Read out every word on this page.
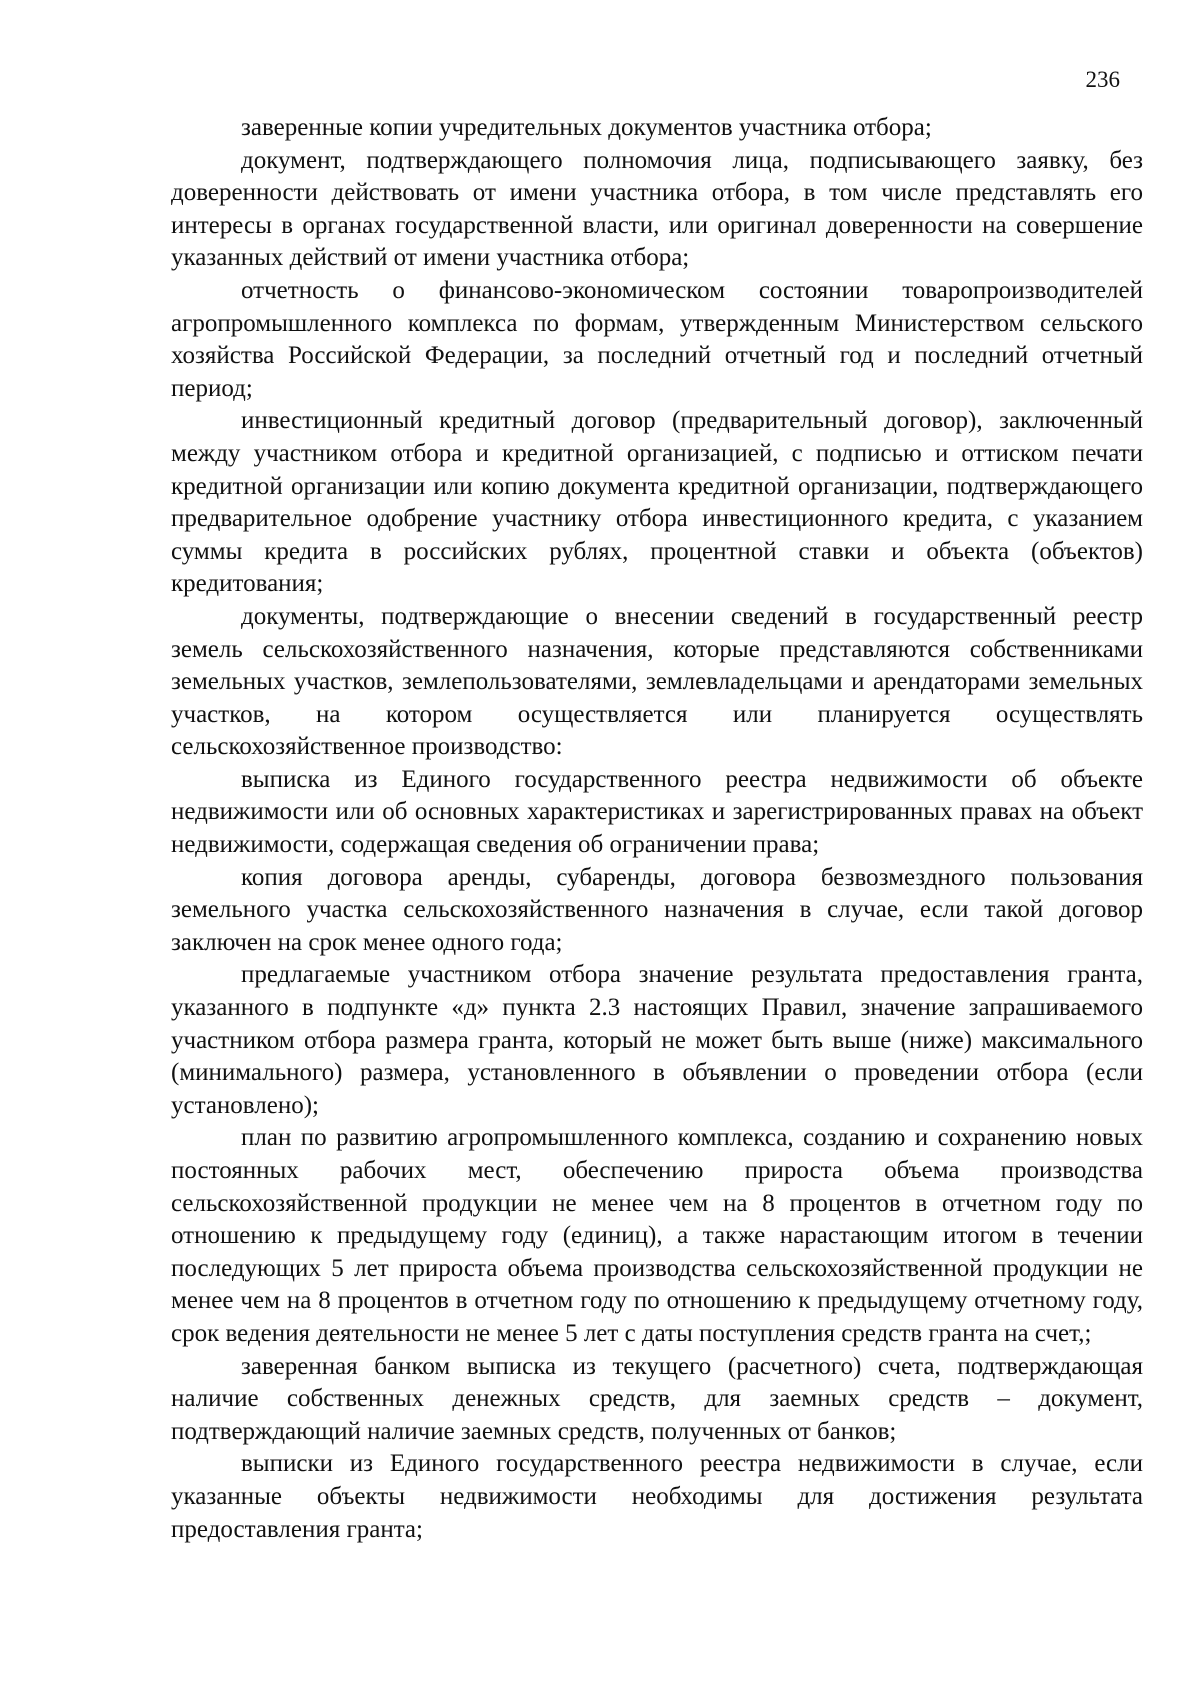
236

заверенные копии учредительных документов участника отбора;

документ, подтверждающего полномочия лица, подписывающего заявку, без доверенности действовать от имени участника отбора, в том числе представлять его интересы в органах государственной власти, или оригинал доверенности на совершение указанных действий от имени участника отбора;

отчетность о финансово-экономическом состоянии товаропроизводителей агропромышленного комплекса по формам, утвержденным Министерством сельского хозяйства Российской Федерации, за последний отчетный год и последний отчетный период;

инвестиционный кредитный договор (предварительный договор), заключенный между участником отбора и кредитной организацией, с подписью и оттиском печати кредитной организации или копию документа кредитной организации, подтверждающего предварительное одобрение участнику отбора инвестиционного кредита, с указанием суммы кредита в российских рублях, процентной ставки и объекта (объектов) кредитования;

документы, подтверждающие о внесении сведений в государственный реестр земель сельскохозяйственного назначения, которые представляются собственниками земельных участков, землепользователями, землевладельцами и арендаторами земельных участков, на котором осуществляется или планируется осуществлять сельскохозяйственное производство:

выписка из Единого государственного реестра недвижимости об объекте недвижимости или об основных характеристиках и зарегистрированных правах на объект недвижимости, содержащая сведения об ограничении права;

копия договора аренды, субаренды, договора безвозмездного пользования земельного участка сельскохозяйственного назначения в случае, если такой договор заключен на срок менее одного года;

предлагаемые участником отбора значение результата предоставления гранта, указанного в подпункте «д» пункта 2.3 настоящих Правил, значение запрашиваемого участником отбора размера гранта, который не может быть выше (ниже) максимального (минимального) размера, установленного в объявлении о проведении отбора (если установлено);

план по развитию агропромышленного комплекса, созданию и сохранению новых постоянных рабочих мест, обеспечению прироста объема производства сельскохозяйственной продукции не менее чем на 8 процентов в отчетном году по отношению к предыдущему году (единиц), а также нарастающим итогом в течении последующих 5 лет прироста объема производства сельскохозяйственной продукции не менее чем на 8 процентов в отчетном году по отношению к предыдущему отчетному году, срок ведения деятельности не менее 5 лет с даты поступления средств гранта на счет,;

заверенная банком выписка из текущего (расчетного) счета, подтверждающая наличие собственных денежных средств, для заемных средств – документ, подтверждающий наличие заемных средств, полученных от банков;

выписки из Единого государственного реестра недвижимости в случае, если указанные объекты недвижимости необходимы для достижения результата предоставления гранта;
